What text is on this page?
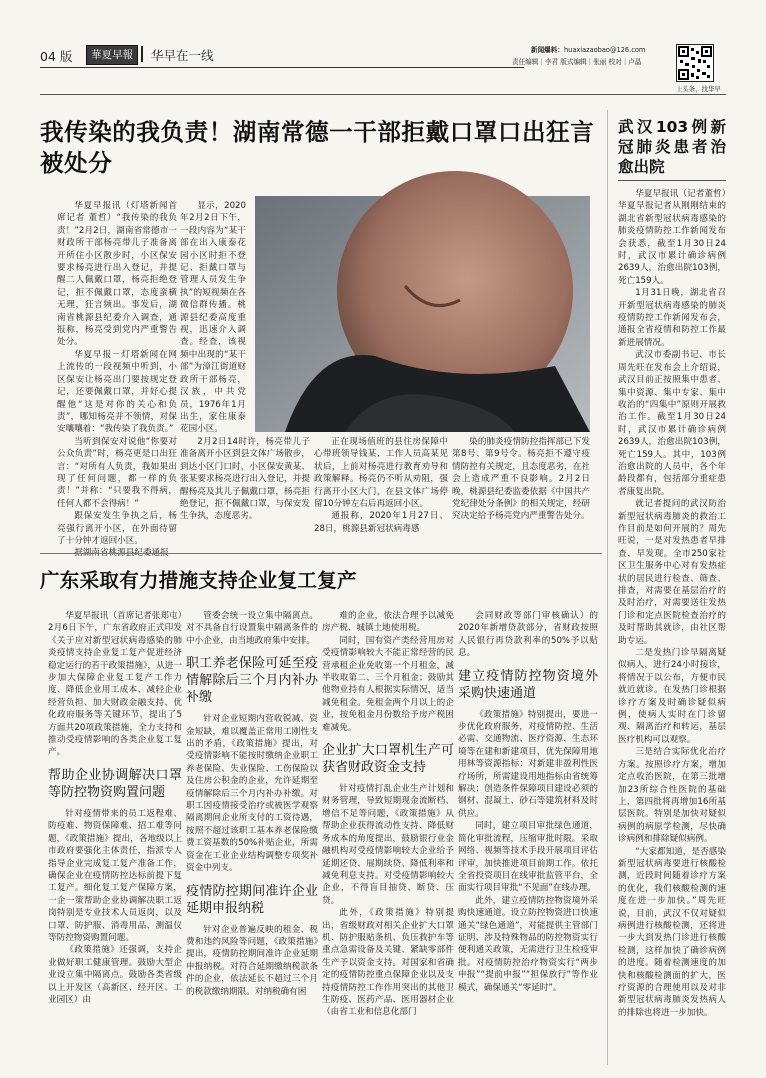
04 版	華夏早報	华早在一线	新闻爆料：huaxiazaobao@126.com
责任编辑｜李君 版式编辑｜张丽 校对｜卢晶
上头条，找华早
我传染的我负责！湖南常德一干部拒戴口罩口出狂言被处分

华夏早报讯（灯塔新闻首席记者 董哲）“我传染的我负责！”2月2日，湖南省常德市一财政所干部杨亮带儿子准备离开所住小区散步时，小区保安要求杨亮进行出入登记，并提醒二人佩戴口罩，杨亮拒绝登记，拒不佩戴口罩，态度蛮横无理，狂言频出。事发后，湖南省桃源县纪委介入调查，通报称，杨亮受到党内严重警告处分。

华夏早报－灯塔新闻在网上流传的一段视频中听到，小区保安让杨亮出门要按规定登记，还要佩戴口罩，并好心提醒他“这是对你的关心和负责”，哪知杨亮并不领情，对保安嚷嚷着：“我传染了我负责。”

当听到保安对说他“你要对公众负责”时，杨亮更是口出狂言：“对所有人负责，我如果出现了任何问题，都一样的负责！”并称：“只要我不得病，任何人都不会得病！”

跟保安发生争执之后，杨亮强行离开小区，在外面待留了十分钟才返回小区。

显示，2020年2月2日下午，一段内容为“某干部在出入康泰花园小区时拒不登记、拒戴口罩与管理人员发生争执”的短视频在各微信群传播。桃源县纪委高度重视，迅速介入调查。经查，该视频中出现的“某干部”为漳江街道财政所干部杨亮，汉族，中共党员，1976年1月出生，家住康泰花园小区。

2月2日14时许，杨亮带儿子准备离开小区到县文体广场散步，到达小区门口时，小区保安黄某、张某要求杨亮进行出入登记，并提醒杨亮及其儿子佩戴口罩，杨亮拒绝登记，拒不佩戴口罩，与保安发生争执，态度恶劣。

正在现场值班的县住房保障中心带班领导钱某、工作人员高某见状后，上前对杨亮进行教育劝导和政策解释。杨亮仍不听从劝阻，强行离开小区大门，在县文体广场停留10分钟左右后再返回小区。

通报称，2020年1月27日、28日，桃源县新冠状病毒感

染的肺炎疫情防控指挥部已下发第8号、第9号令。杨亮拒不遵守疫情防控有关规定，且态度恶劣，在社会上造成严重不良影响。2月2日晚，桃源县纪委监委依据《中国共产党纪律处分条例》的相关规定，经研究决定给予杨亮党内严重警告处分。

广东采取有力措施支持企业复工复产

华夏早报讯（首席记者张郑屯）2月6日下午，广东省政府正式印发《关于应对新型冠状病毒感染的肺炎疫情支持企业复工复产促进经济稳定运行的若干政策措施》，从进一步加大保障企业复工复产工作力度、降低企业用工成本、减轻企业经营负担、加大财政金融支持、优化政府服务等关键环节，提出了5方面共20项政策措施，全力支持和推动受疫情影响的各类企业复工复产。

帮助企业协调解决口罩等防控物资购置问题

针对疫情带来的员工返程难、防疫难、物资保障难、招工难等问题，《政策措施》提出，各地级以上市政府要强化主体责任，指派专人指导企业完成复工复产准备工作，确保企业在疫情防控达标前提下复工复产。细化复工复产保障方案，一企一策帮助企业协调解决职工返岗特别是专业技术人员返岗，以及口罩、防护服、消毒用品、测温仪等防控物资购置问题。

《政策措施》还强调，支持企业做好职工健康管理。鼓励大型企业设立集中隔离点。鼓励各类省级以上开发区（高新区、经开区、工业园区）由

管委会统一设立集中隔离点。对不具备自行设置集中隔离条件的中小企业，由当地政府集中安排。

职工养老保险可延至疫情解除后三个月内补办补缴

针对企业短期内营收锐减、资金短缺，难以覆盖正常用工刚性支出的矛盾，《政策措施》提出，对受疫情影响不能按时缴纳企业职工养老保险、失业保险、工伤保险以及住房公积金的企业，允许延期至疫情解除后三个月内补办补缴。对职工因疫情接受治疗或被医学观察隔离期间企业所支付的工资待遇，按照不超过该职工基本养老保险缴费工资基数的50%补贴企业，所需资金在工业企业结构调整专项奖补资金中列支。

疫情防控期间准许企业延期申报纳税

针对企业普遍反映的租金、税费和违约风险等问题，《政策措施》提出，疫情防控期间准许企业延期申报纳税。对符合延期缴纳税款条件的企业，依法延长不超过三个月的税款缴纳期限。对纳税确有困

难的企业，依法合理予以减免房产税、城镇土地使用税。

同时，国有资产类经营用房对受疫情影响较大不能正常经营的民营承租企业免收第一个月租金，减半收取第二、三个月租金；鼓励其他物业持有人根据实际情况，适当减免租金。免租金两个月以上的企业，按免租金月份数给予房产税困难减免。

企业扩大口罩机生产可获省财政资金支持

针对疫情打乱企业生产计划和财务管理，导致短期现金流断档、增信不足等问题，《政策措施》从帮助企业获得流动性支持、降低财务成本的角度提出，鼓励银行业金融机构对受疫情影响较大企业给予延期还贷、展期续贷、降低利率和减免利息支持。对受疫情影响较大企业，不得盲目抽贷、断贷、压贷。

此外，《政策措施》特别提出，省级财政对相关企业扩大口罩机、防护服贴条机、负压救护车等重点急需设备及关键、紧缺零部件生产予以资金支持。对国家和省确定的疫情防控重点保障企业以及支持疫情防控工作作用突出的其他卫生防疫、医药产品、医用器材企业（由省工业和信息化部门

会同财政等部门审核确认）的2020年新增贷款部分，省财政按照人民银行再贷款利率的50%予以贴息。

建立疫情防控物资境外采购快速通道

《政策措施》特别提出，要进一步优化政府服务，对疫情防控、生活必需、交通物流、医疗资源、生态环境等在建和新建项目，优先保障用地用林等资源指标；对新建非盈利性医疗场所，所需建设用地指标由省统筹解决；创造条件保障项目建设必须的钢材、混凝土、砂石等建筑材料及时供应。

同时，建立项目审批绿色通道，简化审批流程，压缩审批时限。采取网络、视频等技术手段开展项目评估评审，加快推进项目前期工作。依托全省投资项目在线审批监管平台，全面实行项目审批“不见面”在线办理。

此外，建立疫情防控物资境外采购快速通道。设立防控物资进口快速通关“绿色通道”，对能提供主管部门证明、涉及特殊物品的防控物资实行便利通关政策，无需进行卫生检疫审批。对疫情防控治疗物资实行“两步申报”“提前申报”“担保放行”等作业模式，确保通关“零延时”。

武汉103例新冠肺炎患者治愈出院

华夏早报讯（记者董哲）华夏早报记者从刚刚结束的湖北省新型冠状病毒感染的肺炎疫情防控工作新闻发布会获悉，截至1月30日24时，武汉市累计确诊病例2639人，治愈出院103例，死亡159人。

1月31日晚，湖北省召开新型冠状病毒感染的肺炎疫情防控工作新闻发布会，通报全省疫情和防控工作最新进展情况。

武汉市委副书记、市长周先旺在发布会上介绍说，武汉目前正按照集中患者、集中资源、集中专家、集中收治的“四集中”原则开展救治工作。截至1月30日24时，武汉市累计确诊病例2639人，治愈出院103例，死亡159人。其中，103例治愈出院的人员中，各个年龄段都有，包括部分重症患者康复出院。

就记者提问的武汉防治新型冠状病毒肺炎的救治工作目前是如何开展的？周先旺说，一是对发热患者早排查、早发现。全市250家社区卫生服务中心对有发热症状的居民进行检查、筛查、排查，对需要在基层治疗的及时治疗，对需要送往发热门诊和定点医院检查治疗的及时帮助其就诊，由社区帮助专运。

二是发热门诊早隔离疑似病人，进行24小时接诊，将情况于以公布，方便市民就近就诊。在发热门诊根据诊疗方案及时确诊疑似病例，使病人实时在门诊留观、隔离治疗和转运，基层医疗机构可以观察。

三是结合实际优化治疗方案。按照诊疗方案，增加定点收治医院，在第三批增加23所综合性医院的基础上，第四批将再增加16所基层医院。特别是加快对疑似病例的病原学检测，尽快确诊病例和排除疑似病例。

“大家都知道，是否感染新型冠状病毒要进行核酸检测，近段时间随着诊疗方案的优化，我们核酸检测的速度在进一步加快。”周先旺说，目前，武汉不仅对疑似病例进行核酸检测，还将进一步大到发热门诊进行核酸检测，这样加快了确诊病例的进度。随着检测速度的加快和核酸检测面的扩大，医疗资源的合理使用以及对非新型冠状病毒肺炎发热病人的排除也将进一步加快。
